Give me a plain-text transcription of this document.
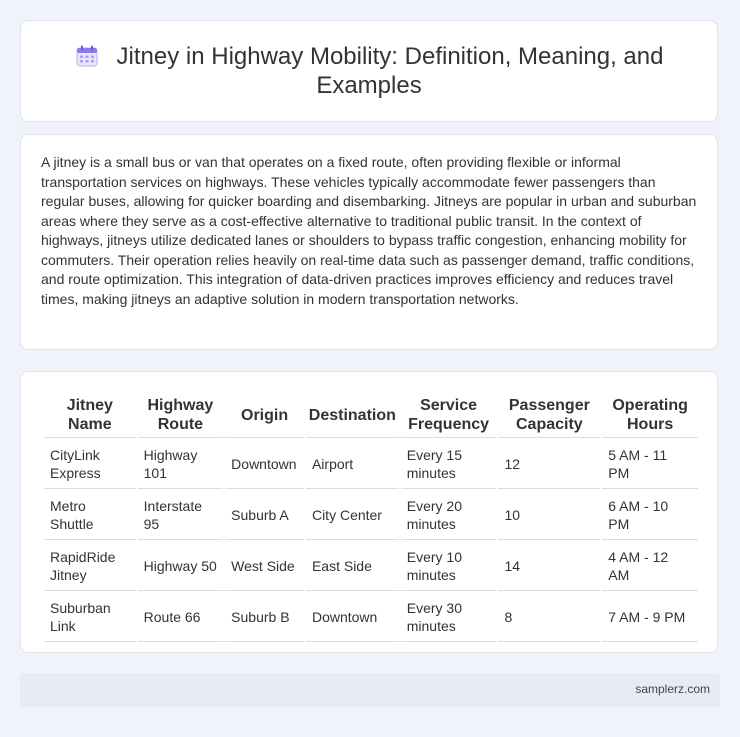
Jitney in Highway Mobility: Definition, Meaning, and Examples

A jitney is a small bus or van that operates on a fixed route, often providing flexible or informal transportation services on highways. These vehicles typically accommodate fewer passengers than regular buses, allowing for quicker boarding and disembarking. Jitneys are popular in urban and suburban areas where they serve as a cost-effective alternative to traditional public transit. In the context of highways, jitneys utilize dedicated lanes or shoulders to bypass traffic congestion, enhancing mobility for commuters. Their operation relies heavily on real-time data such as passenger demand, traffic conditions, and route optimization. This integration of data-driven practices improves efficiency and reduces travel times, making jitneys an adaptive solution in modern transportation networks.

Jitney Name	Highway Route	Origin	Destination	Service Frequency	Passenger Capacity	Operating Hours
CityLink Express	Highway 101	Downtown	Airport	Every 15 minutes	12	5 AM - 11 PM
Metro Shuttle	Interstate 95	Suburb A	City Center	Every 20 minutes	10	6 AM - 10 PM
RapidRide Jitney	Highway 50	West Side	East Side	Every 10 minutes	14	4 AM - 12 AM
Suburban Link	Route 66	Suburb B	Downtown	Every 30 minutes	8	7 AM - 9 PM
samplerz.com
